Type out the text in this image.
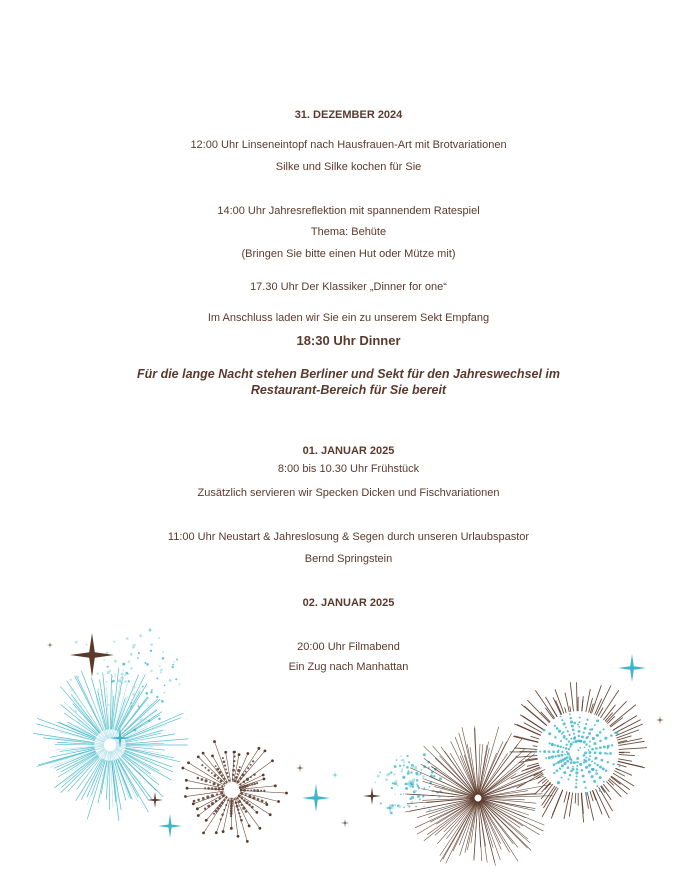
31. DEZEMBER 2024
12:00 Uhr Linseneintopf nach Hausfrauen-Art mit Brotvariationen
Silke und Silke kochen für Sie
14:00 Uhr Jahresreflektion mit spannendem Ratespiel
Thema: Behüte
(Bringen Sie bitte einen Hut oder Mütze mit)
17.30 Uhr Der Klassiker „Dinner for one“
Im Anschluss laden wir Sie ein zu unserem Sekt Empfang
18:30 Uhr Dinner
Für die lange Nacht stehen Berliner und Sekt für den Jahreswechsel im
Restaurant-Bereich für Sie bereit
01. JANUAR 2025
8:00 bis 10.30 Uhr Frühstück
Zusätzlich servieren wir Specken Dicken und Fischvariationen
11:00 Uhr Neustart & Jahreslosung & Segen durch unseren Urlaubspastor
Bernd Springstein
02. JANUAR 2025
20:00 Uhr Filmabend
Ein Zug nach Manhattan
